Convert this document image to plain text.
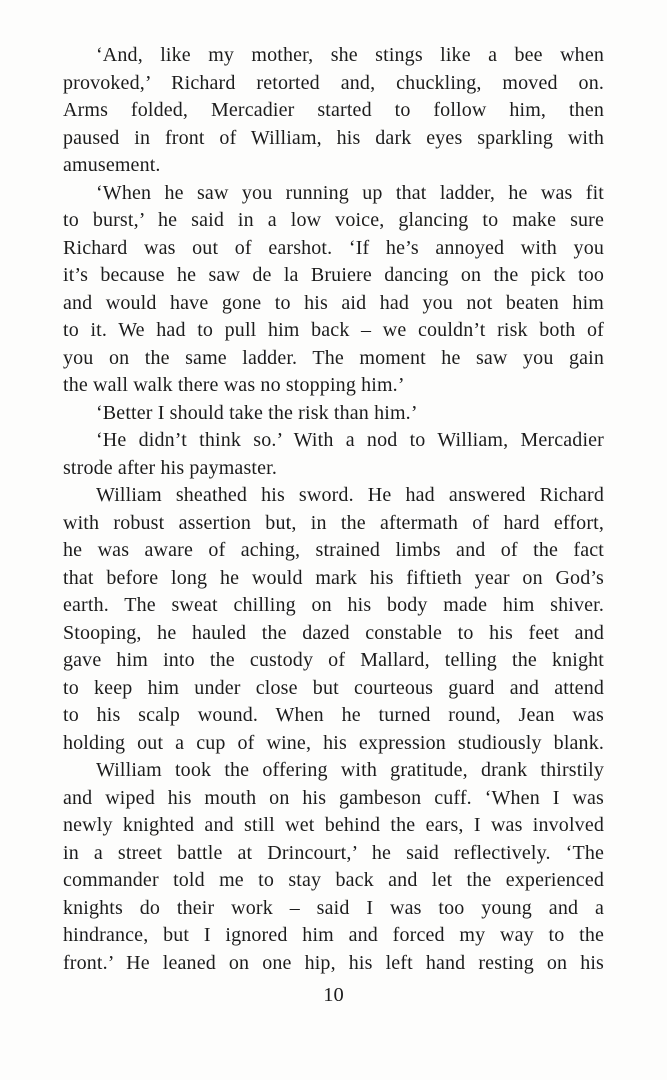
‘And, like my mother, she stings like a bee when
provoked,’ Richard retorted and, chuckling, moved on.
Arms folded, Mercadier started to follow him, then
paused in front of William, his dark eyes sparkling with
amusement.
‘When he saw you running up that ladder, he was fit
to burst,’ he said in a low voice, glancing to make sure
Richard was out of earshot. ‘If he’s annoyed with you
it’s because he saw de la Bruiere dancing on the pick too
and would have gone to his aid had you not beaten him
to it. We had to pull him back – we couldn’t risk both of
you on the same ladder. The moment he saw you gain
the wall walk there was no stopping him.’
‘Better I should take the risk than him.’
‘He didn’t think so.’ With a nod to William, Mercadier
strode after his paymaster.
William sheathed his sword. He had answered Richard
with robust assertion but, in the aftermath of hard effort,
he was aware of aching, strained limbs and of the fact
that before long he would mark his fiftieth year on God’s
earth. The sweat chilling on his body made him shiver.
Stooping, he hauled the dazed constable to his feet and
gave him into the custody of Mallard, telling the knight
to keep him under close but courteous guard and attend
to his scalp wound. When he turned round, Jean was
holding out a cup of wine, his expression studiously blank.
William took the offering with gratitude, drank thirstily
and wiped his mouth on his gambeson cuff. ‘When I was
newly knighted and still wet behind the ears, I was involved
in a street battle at Drincourt,’ he said reflectively. ‘The
commander told me to stay back and let the experienced
knights do their work – said I was too young and a
hindrance, but I ignored him and forced my way to the
front.’ He leaned on one hip, his left hand resting on his
10
